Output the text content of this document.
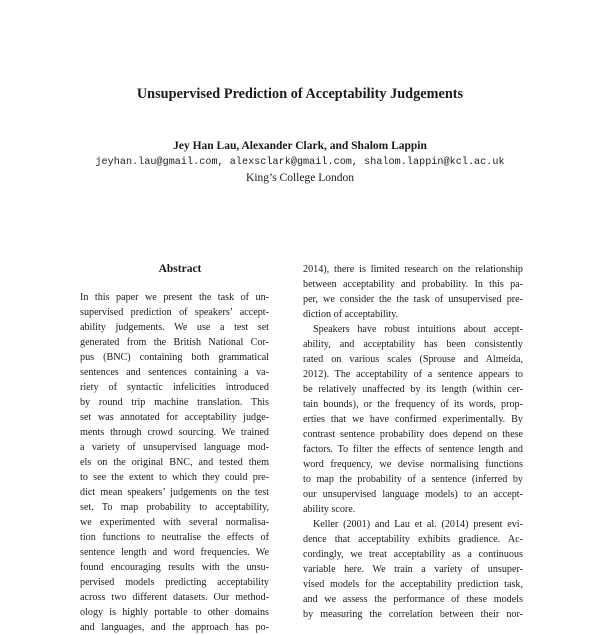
Unsupervised Prediction of Acceptability Judgements
Jey Han Lau, Alexander Clark, and Shalom Lappin
jeyhan.lau@gmail.com, alexsclark@gmail.com, shalom.lappin@kcl.ac.uk
King’s College London
Abstract
In this paper we present the task of un-
supervised prediction of speakers’ accept-
ability judgements. We use a test set
generated from the British National Cor-
pus (BNC) containing both grammatical
sentences and sentences containing a va-
riety of syntactic infelicities introduced
by round trip machine translation. This
set was annotated for acceptability judge-
ments through crowd sourcing. We trained
a variety of unsupervised language mod-
els on the original BNC, and tested them
to see the extent to which they could pre-
dict mean speakers’ judgements on the test
set. To map probability to acceptability,
we experimented with several normalisa-
tion functions to neutralise the effects of
sentence length and word frequencies. We
found encouraging results with the unsu-
pervised models predicting acceptability
across two different datasets. Our method-
ology is highly portable to other domains
and languages, and the approach has po-
2014), there is limited research on the relationship
between acceptability and probability. In this pa-
per, we consider the the task of unsupervised pre-
diction of acceptability.
Speakers have robust intuitions about accept-
ability, and acceptability has been consistently
rated on various scales (Sprouse and Almeida,
2012). The acceptability of a sentence appears to
be relatively unaffected by its length (within cer-
tain bounds), or the frequency of its words, prop-
erties that we have confirmed experimentally. By
contrast sentence probability does depend on these
factors. To filter the effects of sentence length and
word frequency, we devise normalising functions
to map the probability of a sentence (inferred by
our unsupervised language models) to an accept-
ability score.
Keller (2001) and Lau et al. (2014) present evi-
dence that acceptability exhibits gradience. Ac-
cordingly, we treat acceptability as a continuous
variable here. We train a variety of unsuper-
vised models for the acceptability prediction task,
and we assess the performance of these models
by measuring the correlation between their nor-
